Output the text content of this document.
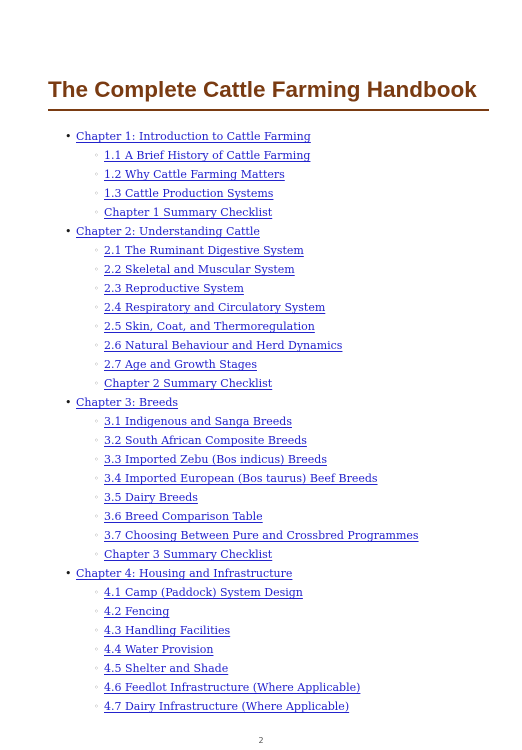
The Complete Cattle Farming Handbook
• Chapter 1: Introduction to Cattle Farming
◦ 1.1 A Brief History of Cattle Farming
◦ 1.2 Why Cattle Farming Matters
◦ 1.3 Cattle Production Systems
◦ Chapter 1 Summary Checklist
• Chapter 2: Understanding Cattle
◦ 2.1 The Ruminant Digestive System
◦ 2.2 Skeletal and Muscular System
◦ 2.3 Reproductive System
◦ 2.4 Respiratory and Circulatory System
◦ 2.5 Skin, Coat, and Thermoregulation
◦ 2.6 Natural Behaviour and Herd Dynamics
◦ 2.7 Age and Growth Stages
◦ Chapter 2 Summary Checklist
• Chapter 3: Breeds
◦ 3.1 Indigenous and Sanga Breeds
◦ 3.2 South African Composite Breeds
◦ 3.3 Imported Zebu (Bos indicus) Breeds
◦ 3.4 Imported European (Bos taurus) Beef Breeds
◦ 3.5 Dairy Breeds
◦ 3.6 Breed Comparison Table
◦ 3.7 Choosing Between Pure and Crossbred Programmes
◦ Chapter 3 Summary Checklist
• Chapter 4: Housing and Infrastructure
◦ 4.1 Camp (Paddock) System Design
◦ 4.2 Fencing
◦ 4.3 Handling Facilities
◦ 4.4 Water Provision
◦ 4.5 Shelter and Shade
◦ 4.6 Feedlot Infrastructure (Where Applicable)
◦ 4.7 Dairy Infrastructure (Where Applicable)
2
